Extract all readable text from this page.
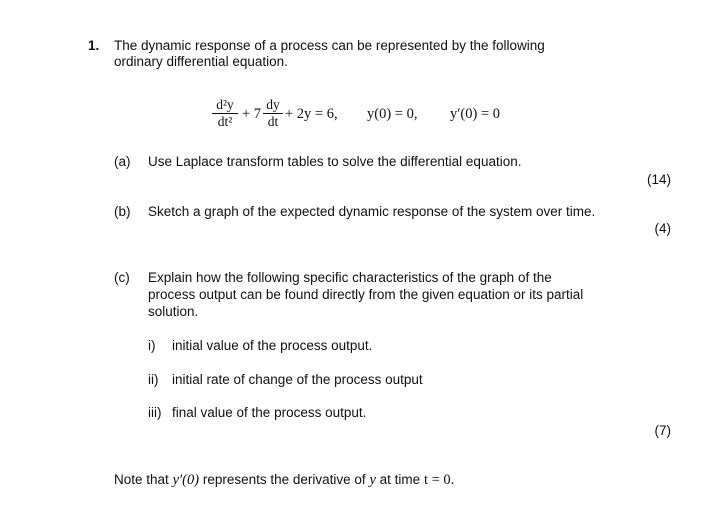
1. The dynamic response of a process can be represented by the following
ordinary differential equation.
$\frac{\text{d²y}}{\text{dt²}} + 7 \frac{dy}{dt} + 2y = 6$, y(0) = 0, y′(0) = 0
(a) Use Laplace transform tables to solve the differential equation.
(14)
(b) Sketch a graph of the expected dynamic response of the system over time.
(4)
(c) Explain how the following specific characteristics of the graph of the
process output can be found directly from the given equation or its partial
solution.
i) initial value of the process output.
ii) initial rate of change of the process output
iii) final value of the process output.
(7)
Note that y′(0) represents the derivative of y at time t = 0.
